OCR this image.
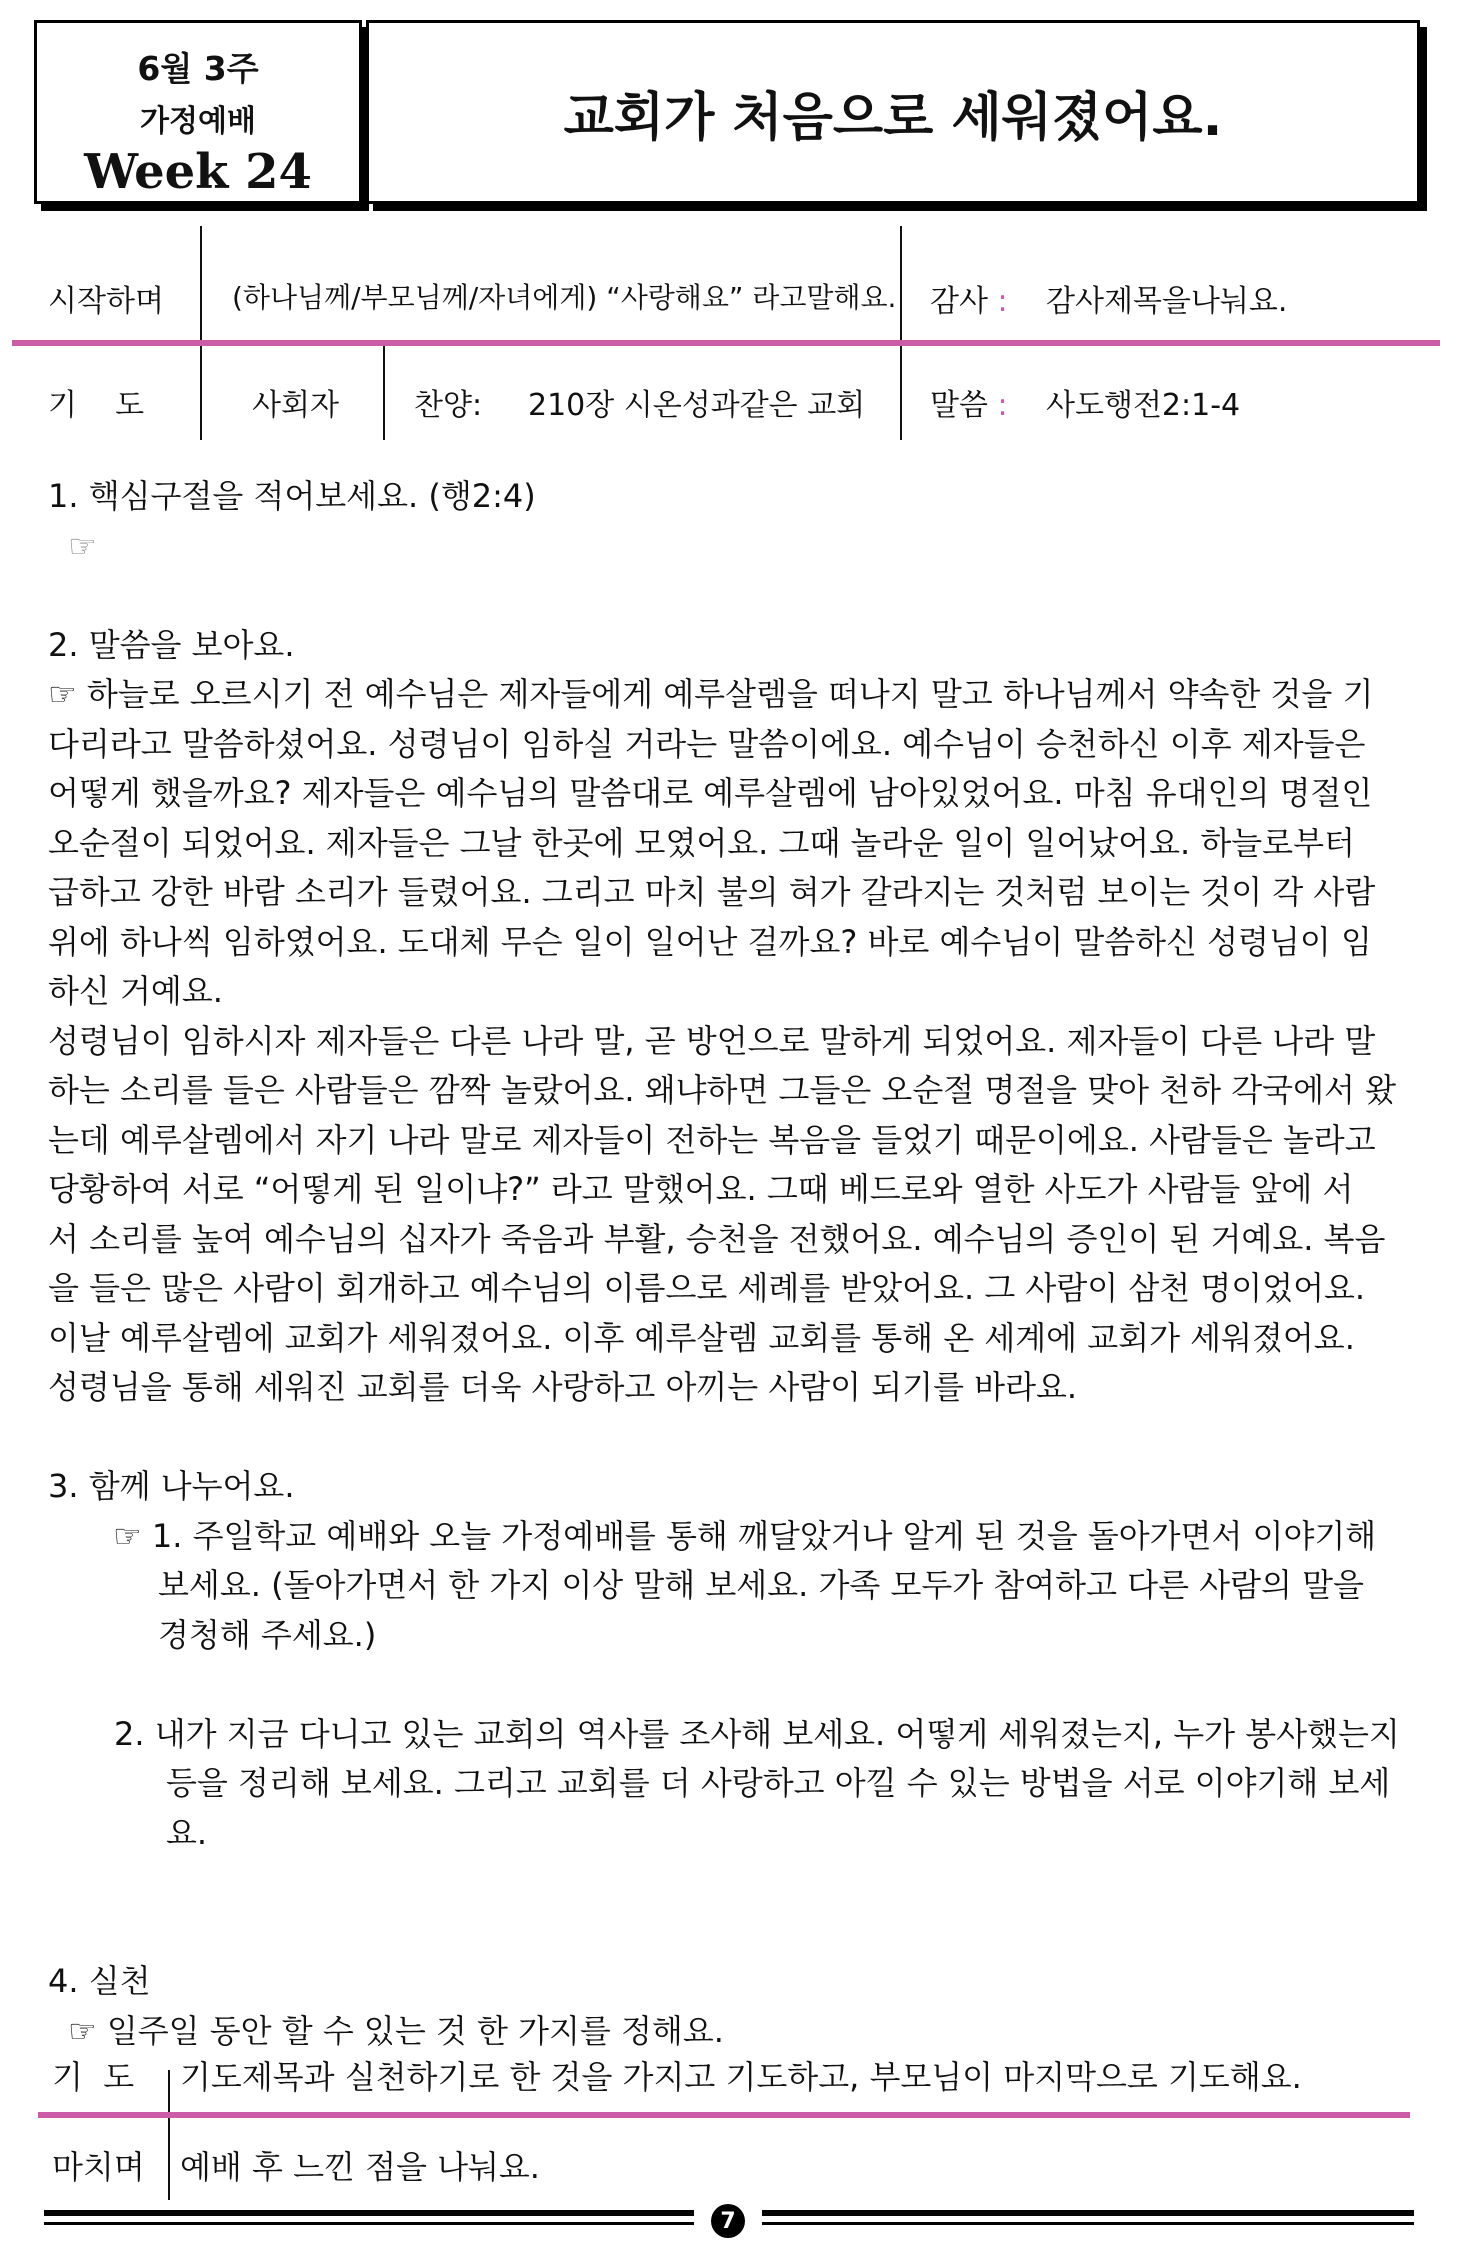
6월 3주
가정예배
Week 24
교회가 처음으로 세워졌어요.
시작하며 (하나님께/부모님께/자녀에게) “사랑해요” 라고말해요. 감사 : 감사제목을나눠요.
기    도	사회자	찬양: 210장 시온성과같은 교회 말씀 : 사도행전2:1-4

1. 핵심구절을 적어보세요. (행2:4)

☞

2. 말씀을 보아요.

☞ 하늘로 오르시기 전 예수님은 제자들에게 예루살렘을 떠나지 말고 하나님께서 약속한 것을 기

다리라고 말씀하셨어요. 성령님이 임하실 거라는 말씀이에요. 예수님이 승천하신 이후 제자들은

어떻게 했을까요? 제자들은 예수님의 말씀대로 예루살렘에 남아있었어요. 마침 유대인의 명절인

오순절이 되었어요. 제자들은 그날 한곳에 모였어요. 그때 놀라운 일이 일어났어요. 하늘로부터

급하고 강한 바람 소리가 들렸어요. 그리고 마치 불의 혀가 갈라지는 것처럼 보이는 것이 각 사람

위에 하나씩 임하였어요. 도대체 무슨 일이 일어난 걸까요? 바로 예수님이 말씀하신 성령님이 임

하신 거예요.

성령님이 임하시자 제자들은 다른 나라 말, 곧 방언으로 말하게 되었어요. 제자들이 다른 나라 말

하는 소리를 들은 사람들은 깜짝 놀랐어요. 왜냐하면 그들은 오순절 명절을 맞아 천하 각국에서 왔

는데 예루살렘에서 자기 나라 말로 제자들이 전하는 복음을 들었기 때문이에요. 사람들은 놀라고

당황하여 서로 “어떻게 된 일이냐?” 라고 말했어요. 그때 베드로와 열한 사도가 사람들 앞에 서

서 소리를 높여 예수님의 십자가 죽음과 부활, 승천을 전했어요. 예수님의 증인이 된 거예요. 복음

을 들은 많은 사람이 회개하고 예수님의 이름으로 세례를 받았어요. 그 사람이 삼천 명이었어요.

이날 예루살렘에 교회가 세워졌어요. 이후 예루살렘 교회를 통해 온 세계에 교회가 세워졌어요.

성령님을 통해 세워진 교회를 더욱 사랑하고 아끼는 사람이 되기를 바라요.

3. 함께 나누어요.

☞ 1. 주일학교 예배와 오늘 가정예배를 통해 깨달았거나 알게 된 것을 돌아가면서 이야기해 보세요. (돌아가면서 한 가지 이상 말해 보세요. 가족 모두가 참여하고 다른 사람의 말을 경청해 주세요.)

2. 내가 지금 다니고 있는 교회의 역사를 조사해 보세요. 어떻게 세워졌는지, 누가 봉사했는지 등을 정리해 보세요. 그리고 교회를 더 사랑하고 아낄 수 있는 방법을 서로 이야기해 보세요.

4. 실천

☞ 일주일 동안 할 수 있는 것 한 가지를 정해요.

기  도 기도제목과 실천하기로 한 것을 가지고 기도하고, 부모님이 마지막으로 기도해요.
마치며 예배 후 느낀 점을 나눠요.
7
